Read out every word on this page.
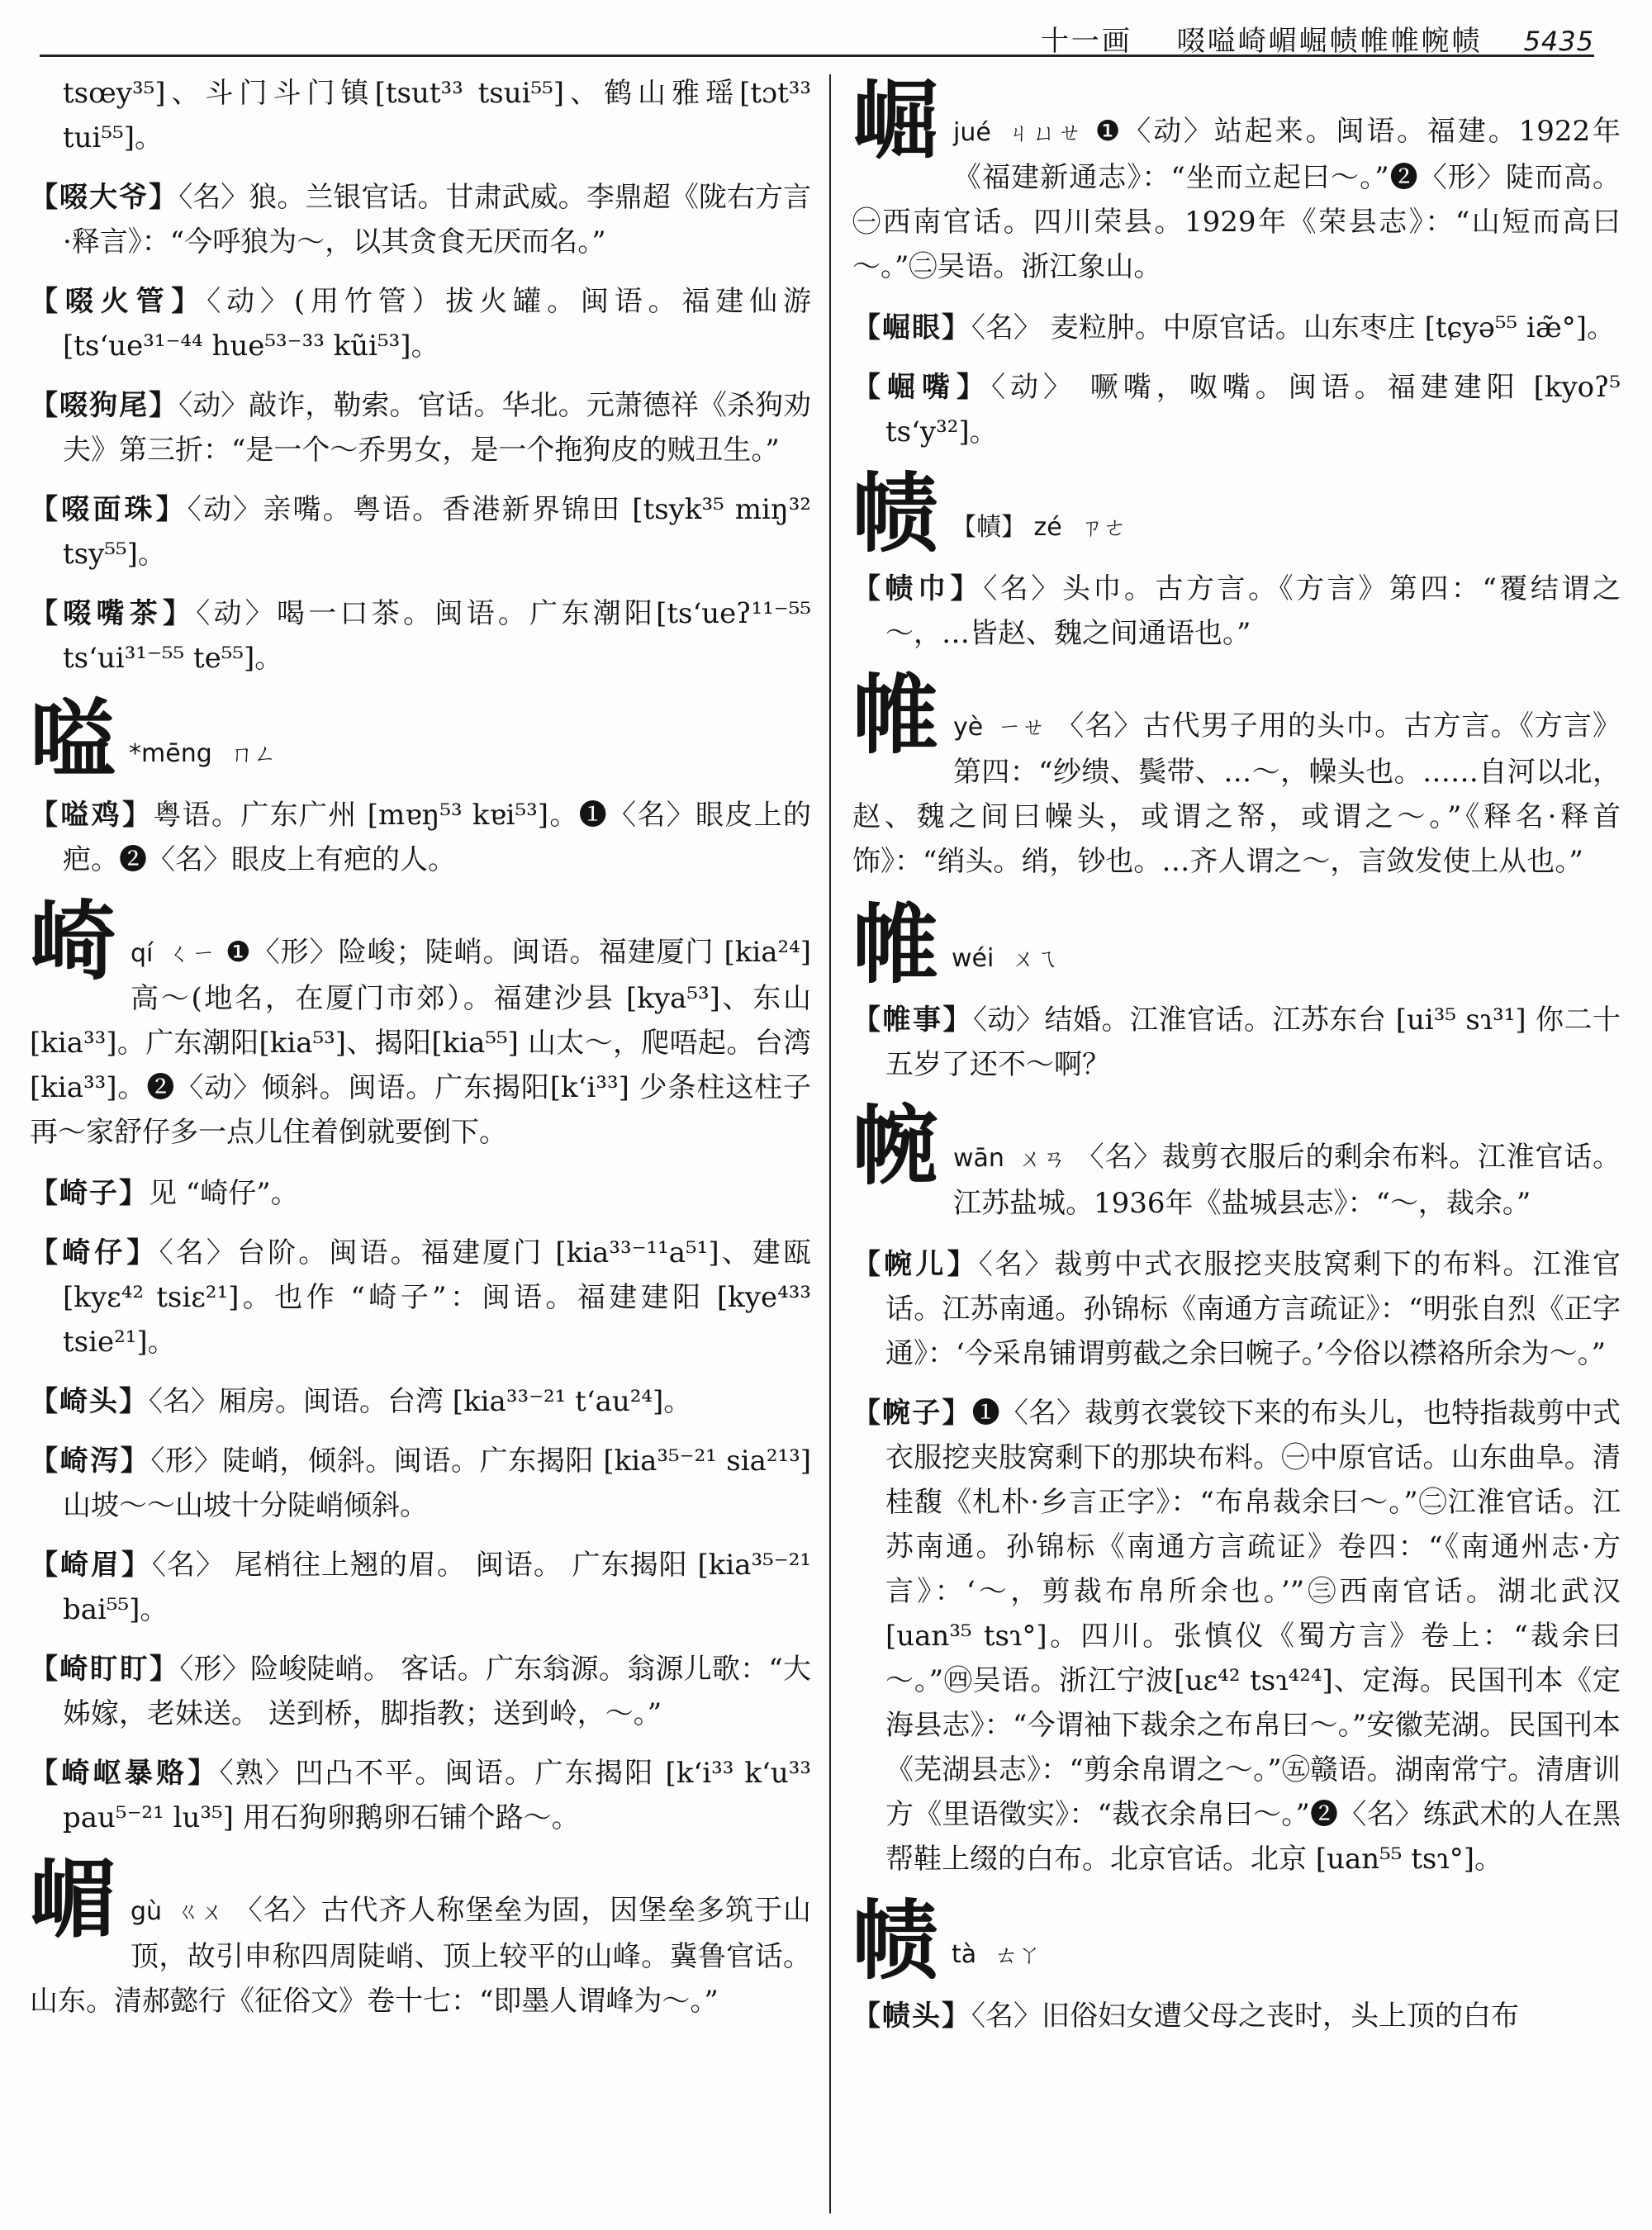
十一画 啜嗌崎嵋崛帻帷帷帵帻 5435

tsœy³⁵]、斗门斗门镇[tsut³³ tsui⁵⁵]、鹤山雅瑶[tɔt³³ tui⁵⁵]。

【啜大爷】〈名〉狼。兰银官话。甘肃武威。李鼎超《陇右方言·释言》：“今呼狼为～，以其贪食无厌而名。”

【啜火管】〈动〉(用竹管）拔火罐。闽语。福建仙游[ts‘ue³¹⁻⁴⁴ hue⁵³⁻³³ kũi⁵³]。

【啜狗尾】〈动〉敲诈，勒索。官话。华北。元萧德祥《杀狗劝夫》第三折：“是一个～乔男女，是一个拖狗皮的贼丑生。”

【啜面珠】〈动〉亲嘴。粤语。香港新界锦田 [tsyk³⁵ miŋ³² tsy⁵⁵]。

【啜嘴茶】〈动〉喝一口茶。闽语。广东潮阳[ts‘ueʔ¹¹⁻⁵⁵ ts‘ui³¹⁻⁵⁵ te⁵⁵]。

嗌 *mēng ㄇㄥ

【嗌鸡】粤语。广东广州 [mɐŋ⁵³ kɐi⁵³]。❶〈名〉眼皮上的疤。❷〈名〉眼皮上有疤的人。

崎 qí ㄑㄧ ❶〈形〉险峻；陡峭。闽语。福建厦门 [kia²⁴] 高～(地名，在厦门市郊）。福建沙县 [kya⁵³]、东山[kia³³]。广东潮阳[kia⁵³]、揭阳[kia⁵⁵] 山太～，爬唔起。台湾[kia³³]。❷〈动〉倾斜。闽语。广东揭阳[k‘i³³] 少条柱这柱子再～家舒仔多一点儿住着倒就要倒下。

【崎子】见 “崎仔”。

【崎仔】〈名〉台阶。闽语。福建厦门 [kia³³⁻¹¹a⁵¹]、建瓯 [kyɛ⁴² tsiɛ²¹]。也作 “崎子”：闽语。福建建阳 [kye⁴³³ tsie²¹]。

【崎头】〈名〉厢房。闽语。台湾 [kia³³⁻²¹ t‘au²⁴]。

【崎泻】〈形〉陡峭，倾斜。闽语。广东揭阳 [kia³⁵⁻²¹ sia²¹³] 山坡～～山坡十分陡峭倾斜。

【崎眉】〈名〉 尾梢往上翘的眉。 闽语。 广东揭阳 [kia³⁵⁻²¹ bai⁵⁵]。

【崎盯盯】〈形〉险峻陡峭。 客话。广东翁源。翁源儿歌：“大姊嫁，老妹送。 送到桥，脚指教；送到岭，～。”

【崎岖暴赂】〈熟〉凹凸不平。闽语。广东揭阳 [k‘i³³ k‘u³³ pau⁵⁻²¹ lu³⁵] 用石狗卵鹅卵石铺个路～。

嵋 gù ㄍㄨ 〈名〉古代齐人称堡垒为固，因堡垒多筑于山顶，故引申称四周陡峭、顶上较平的山峰。冀鲁官话。山东。清郝懿行《征俗文》卷十七：“即墨人谓峰为～。”
崛 jué ㄐㄩㄝ ❶〈动〉站起来。闽语。福建。1922年《福建新通志》：“坐而立起曰～。”❷〈形〉陡而高。㊀西南官话。四川荣县。1929年《荣县志》：“山短而高曰～。”㊁吴语。浙江象山。

【崛眼】〈名〉 麦粒肿。中原官话。山东枣庄 [tɕyə⁵⁵ iæ̃°]。

【崛嘴】〈动〉 噘嘴，呶嘴。闽语。福建建阳 [kyoʔ⁵ ts‘y³²]。

帻 【幘】 zé ㄗㄜ

【帻巾】〈名〉头巾。古方言。《方言》第四：“覆结谓之～，…皆赵、魏之间通语也。”

帷 yè ㄧㄝ 〈名〉古代男子用的头巾。古方言。《方言》第四：“纱缋、鬓带、…～，幧头也。……自河以北，赵、魏之间曰幧头，或谓之帑，或谓之～。”《释名·释首饰》：“绡头。绡，钞也。…齐人谓之～，言敛发使上从也。”
帷 wéi ㄨㄟ

【帷事】〈动〉结婚。江淮官话。江苏东台 [ui³⁵ sɿ³¹] 你二十五岁了还不～啊？

帵 wān ㄨㄢ 〈名〉裁剪衣服后的剩余布料。江淮官话。江苏盐城。1936年《盐城县志》：“～，裁余。”

【帵儿】〈名〉裁剪中式衣服挖夹肢窝剩下的布料。江淮官话。江苏南通。孙锦标《南通方言疏证》：“明张自烈《正字通》：‘今采帛铺谓剪截之余曰帵子。’今俗以襟袼所余为～。”

【帵子】❶〈名〉裁剪衣裳铰下来的布头儿，也特指裁剪中式衣服挖夹肢窝剩下的那块布料。㊀中原官话。山东曲阜。清桂馥《札朴·乡言正字》：“布帛裁余曰～。”㊁江淮官话。江苏南通。孙锦标《南通方言疏证》卷四：“《南通州志·方言》：‘～，剪裁布帛所余也。’”㊂西南官话。湖北武汉 [uan³⁵ tsɿ°]。四川。张慎仪《蜀方言》卷上：“裁余曰～。”㊃吴语。浙江宁波[uɛ⁴² tsɿ⁴²⁴]、定海。民国刊本《定海县志》：“今谓袖下裁余之布帛曰～。”安徽芜湖。民国刊本《芜湖县志》：“剪余帛谓之～。”㊄赣语。湖南常宁。清唐训方《里语徵实》：“裁衣余帛曰～。”❷〈名〉练武术的人在黑帮鞋上缀的白布。北京官话。北京 [uan⁵⁵ tsɿ°]。

帻 tà ㄊㄚ

【帻头】〈名〉旧俗妇女遭父母之丧时，头上顶的白布
